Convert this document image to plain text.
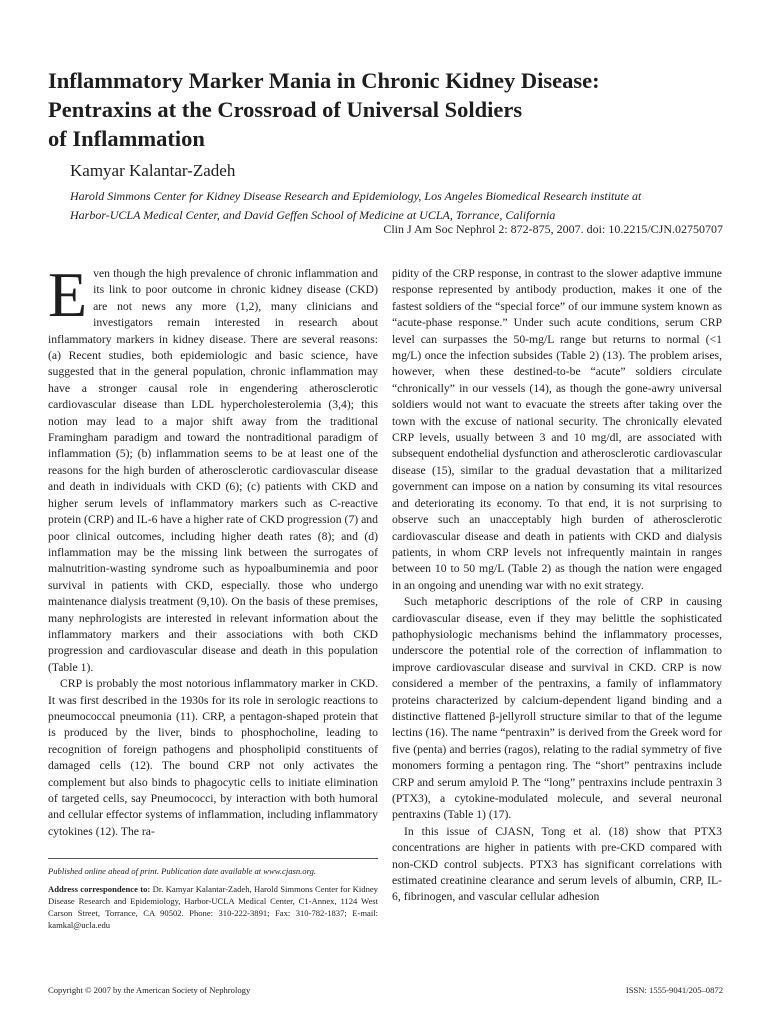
Inflammatory Marker Mania in Chronic Kidney Disease:
Pentraxins at the Crossroad of Universal Soldiers
of Inflammation
Kamyar Kalantar-Zadeh
Harold Simmons Center for Kidney Disease Research and Epidemiology, Los Angeles Biomedical Research institute at
Harbor-UCLA Medical Center, and David Geffen School of Medicine at UCLA, Torrance, California
Clin J Am Soc Nephrol 2: 872-875, 2007. doi: 10.2215/CJN.02750707

Even though the high prevalence of chronic inflammation and its link to poor outcome in chronic kidney disease (CKD) are not news any more (1,2), many clinicians and investigators remain interested in research about inflammatory markers in kidney disease. There are several reasons: (a) Recent studies, both epidemiologic and basic science, have suggested that in the general population, chronic inflammation may have a stronger causal role in engendering atherosclerotic cardiovascular disease than LDL hypercholesterolemia (3,4); this notion may lead to a major shift away from the traditional Framingham paradigm and toward the nontraditional paradigm of inflammation (5); (b) inflammation seems to be at least one of the reasons for the high burden of atherosclerotic cardiovascular disease and death in individuals with CKD (6); (c) patients with CKD and higher serum levels of inflammatory markers such as C-reactive protein (CRP) and IL-6 have a higher rate of CKD progression (7) and poor clinical outcomes, including higher death rates (8); and (d) inflammation may be the missing link between the surrogates of malnutrition-wasting syndrome such as hypoalbuminemia and poor survival in patients with CKD, especially. those who undergo maintenance dialysis treatment (9,10). On the basis of these premises, many nephrologists are interested in relevant information about the inflammatory markers and their associations with both CKD progression and cardiovascular disease and death in this population (Table 1).

CRP is probably the most notorious inflammatory marker in CKD. It was first described in the 1930s for its role in serologic reactions to pneumococcal pneumonia (11). CRP, a pentagon-shaped protein that is produced by the liver, binds to phosphocholine, leading to recognition of foreign pathogens and phospholipid constituents of damaged cells (12). The bound CRP not only activates the complement but also binds to phagocytic cells to initiate elimination of targeted cells, say Pneumococci, by interaction with both humoral and cellular effector systems of inflammation, including inflammatory cytokines (12). The ra-

pidity of the CRP response, in contrast to the slower adaptive immune response represented by antibody production, makes it one of the fastest soldiers of the “special force” of our immune system known as “acute-phase response.” Under such acute conditions, serum CRP level can surpasses the 50-mg/L range but returns to normal (<1 mg/L) once the infection subsides (Table 2) (13). The problem arises, however, when these destined-to-be “acute” soldiers circulate “chronically” in our vessels (14), as though the gone-awry universal soldiers would not want to evacuate the streets after taking over the town with the excuse of national security. The chronically elevated CRP levels, usually between 3 and 10 mg/dl, are associated with subsequent endothelial dysfunction and atherosclerotic cardiovascular disease (15), similar to the gradual devastation that a militarized government can impose on a nation by consuming its vital resources and deteriorating its economy. To that end, it is not surprising to observe such an unacceptably high burden of atherosclerotic cardiovascular disease and death in patients with CKD and dialysis patients, in whom CRP levels not infrequently maintain in ranges between 10 to 50 mg/L (Table 2) as though the nation were engaged in an ongoing and unending war with no exit strategy.

Such metaphoric descriptions of the role of CRP in causing cardiovascular disease, even if they may belittle the sophisticated pathophysiologic mechanisms behind the inflammatory processes, underscore the potential role of the correction of inflammation to improve cardiovascular disease and survival in CKD. CRP is now considered a member of the pentraxins, a family of inflammatory proteins characterized by calcium-dependent ligand binding and a distinctive flattened β-jellyroll structure similar to that of the legume lectins (16). The name “pentraxin” is derived from the Greek word for five (penta) and berries (ragos), relating to the radial symmetry of five monomers forming a pentagon ring. The “short” pentraxins include CRP and serum amyloid P. The “long” pentraxins include pentraxin 3 (PTX3), a cytokine-modulated molecule, and several neuronal pentraxins (Table 1) (17).

In this issue of CJASN, Tong et al. (18) show that PTX3 concentrations are higher in patients with pre-CKD compared with non-CKD control subjects. PTX3 has significant correlations with estimated creatinine clearance and serum levels of albumin, CRP, IL-6, fibrinogen, and vascular cellular adhesion

Published online ahead of print. Publication date available at www.cjasn.org.

Address correspondence to: Dr. Kamyar Kalantar-Zadeh, Harold Simmons Center for Kidney Disease Research and Epidemiology, Harbor-UCLA Medical Center, C1-Annex, 1124 West Carson Street, Torrance, CA 90502. Phone: 310-222-3891; Fax: 310-782-1837; E-mail: kamkal@ucla.edu

Copyright © 2007 by the American Society of Nephrology	ISSN: 1555-9041/205–0872
